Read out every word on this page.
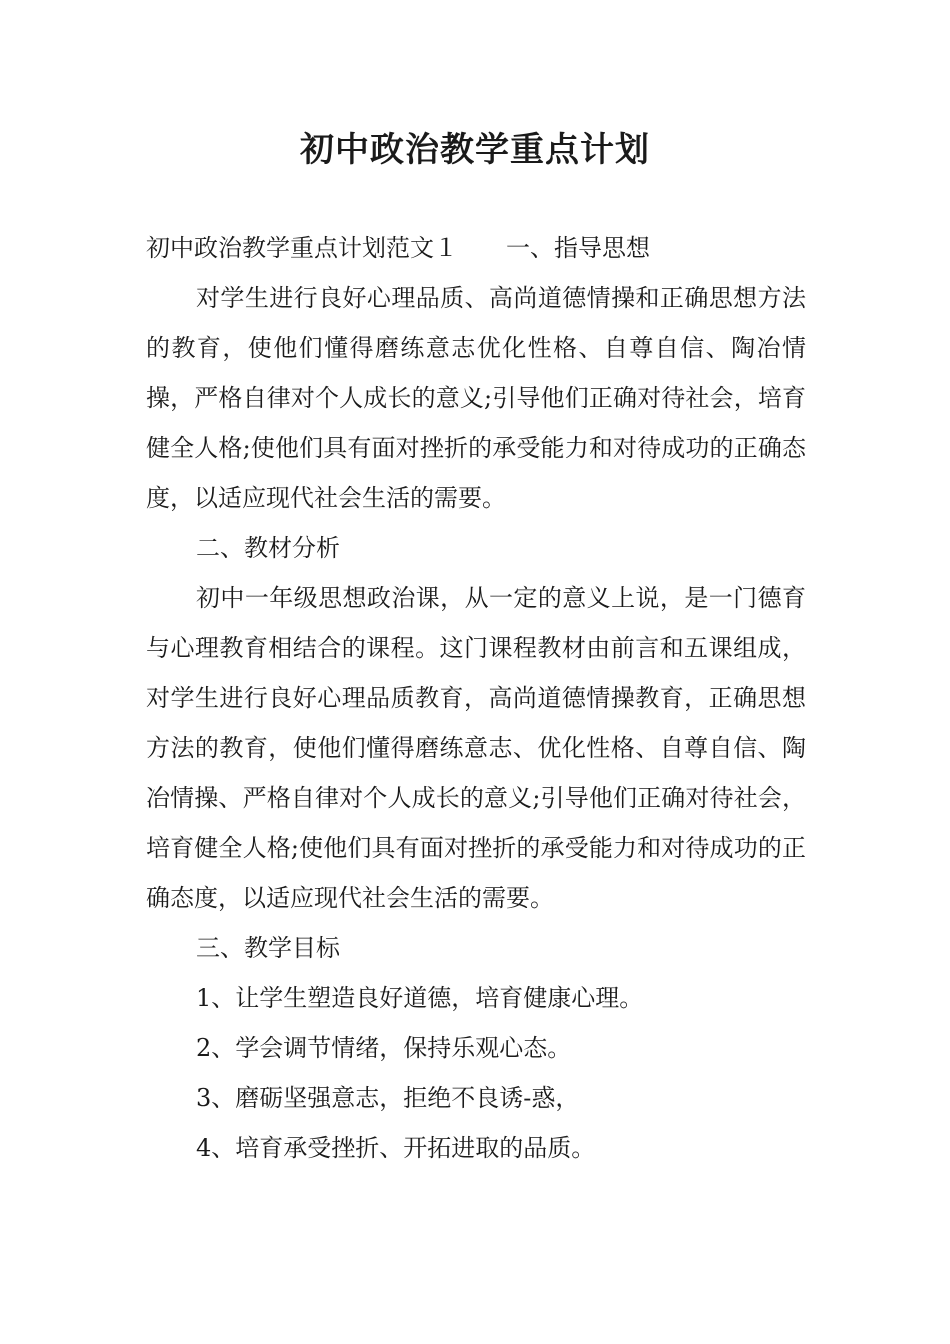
初中政治教学重点计划

初中政治教学重点计划范文１ 一、指导思想

对学生进行良好心理品质、高尚道德情操和正确思想方法的教育，使他们懂得磨练意志优化性格、自尊自信、陶冶情操，严格自律对个人成长的意义;引导他们正确对待社会，培育健全人格;使他们具有面对挫折的承受能力和对待成功的正确态度，以适应现代社会生活的需要。

二、教材分析

初中一年级思想政治课，从一定的意义上说，是一门德育与心理教育相结合的课程。这门课程教材由前言和五课组成，对学生进行良好心理品质教育，高尚道德情操教育，正确思想方法的教育，使他们懂得磨练意志、优化性格、自尊自信、陶冶情操、严格自律对个人成长的意义;引导他们正确对待社会，培育健全人格;使他们具有面对挫折的承受能力和对待成功的正确态度，以适应现代社会生活的需要。

三、教学目标

1、让学生塑造良好道德，培育健康心理。

2、学会调节情绪，保持乐观心态。

3、磨砺坚强意志，拒绝不良诱-惑，

4、培育承受挫折、开拓进取的品质。
